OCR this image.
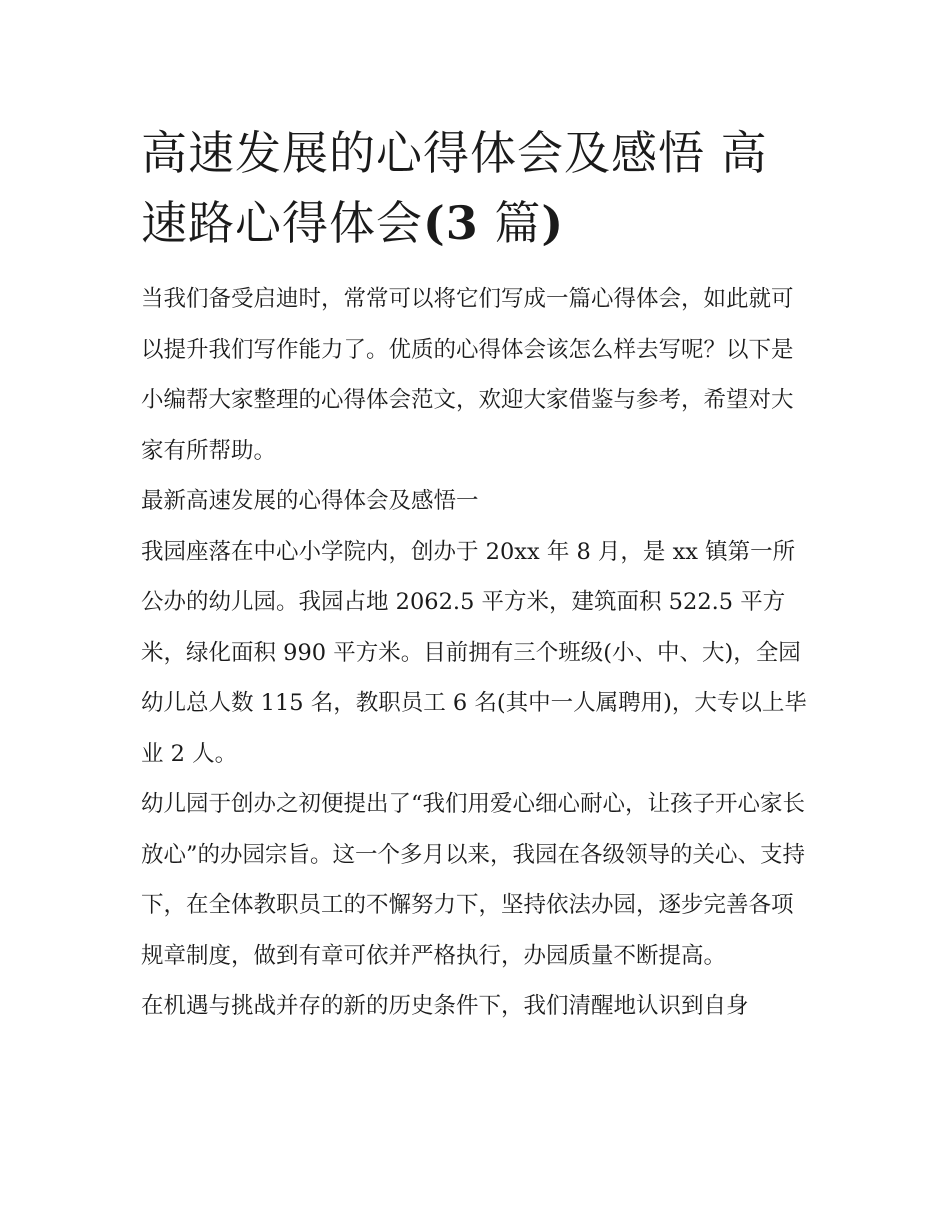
高速发展的心得体会及感悟 高速路心得体会(3 篇)

当我们备受启迪时，常常可以将它们写成一篇心得体会，如此就可以提升我们写作能力了。优质的心得体会该怎么样去写呢？以下是小编帮大家整理的心得体会范文，欢迎大家借鉴与参考，希望对大家有所帮助。

最新高速发展的心得体会及感悟一

我园座落在中心小学院内，创办于 20xx 年 8 月，是 xx 镇第一所公办的幼儿园。我园占地 2062.5 平方米，建筑面积 522.5 平方米，绿化面积 990 平方米。目前拥有三个班级(小、中、大)，全园幼儿总人数 115 名，教职员工 6 名(其中一人属聘用)，大专以上毕业 2 人。

幼儿园于创办之初便提出了“我们用爱心细心耐心，让孩子开心家长放心”的办园宗旨。这一个多月以来，我园在各级领导的关心、支持下，在全体教职员工的不懈努力下，坚持依法办园，逐步完善各项规章制度，做到有章可依并严格执行，办园质量不断提高。

在机遇与挑战并存的新的历史条件下，我们清醒地认识到自身
